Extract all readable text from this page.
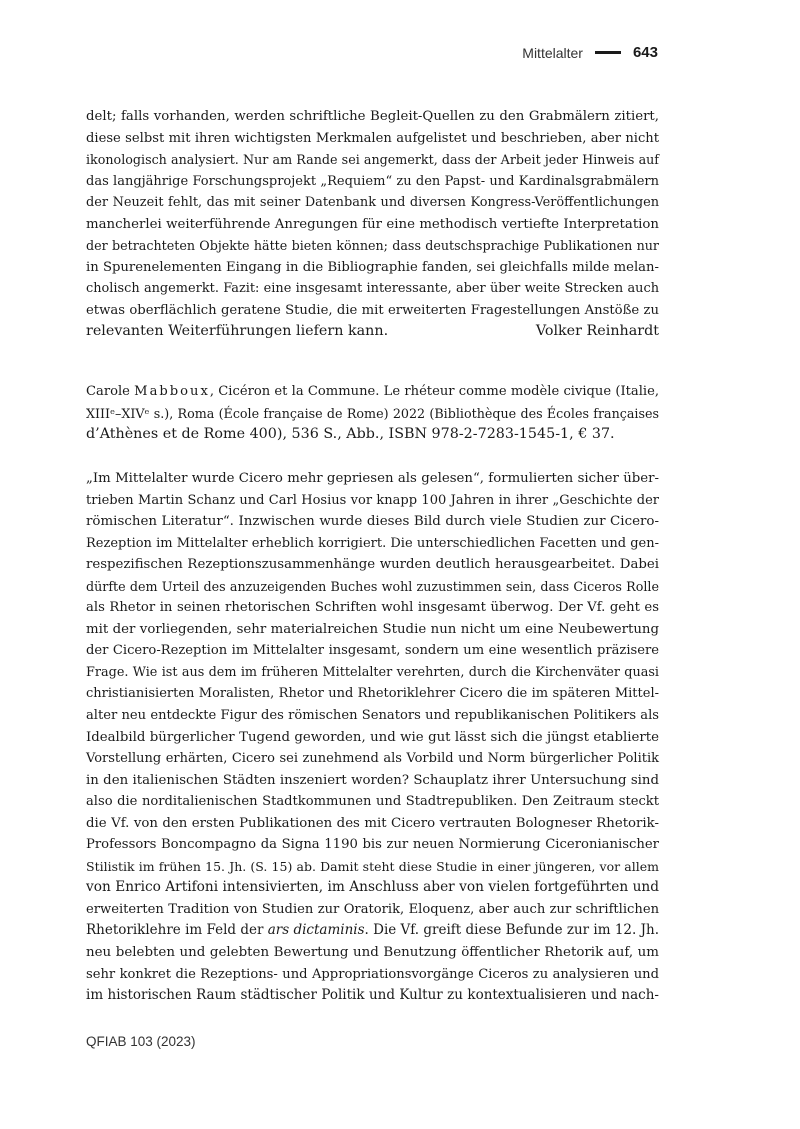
Mittelalter	643
delt; falls vorhanden, werden schriftliche Begleit-Quellen zu den Grabmälern zitiert,
diese selbst mit ihren wichtigsten Merkmalen aufgelistet und beschrieben, aber nicht
ikonologisch analysiert. Nur am Rande sei angemerkt, dass der Arbeit jeder Hinweis auf
das langjährige Forschungsprojekt „Requiem“ zu den Papst- und Kardinalsgrabmälern
der Neuzeit fehlt, das mit seiner Datenbank und diversen Kongress-Veröffentlichungen
mancherlei weiterführende Anregungen für eine methodisch vertiefte Interpretation
der betrachteten Objekte hätte bieten können; dass deutschsprachige Publikationen nur
in Spurenelementen Eingang in die Bibliographie fanden, sei gleichfalls milde melan-
cholisch angemerkt. Fazit: eine insgesamt interessante, aber über weite Strecken auch
etwas oberflächlich geratene Studie, die mit erweiterten Fragestellungen Anstöße zu
relevanten Weiterführungen liefern kann.	Volker Reinhardt
Carole Mabboux, Cicéron et la Commune. Le rhéteur comme modèle civique (Italie,
XIIIᵉ–XIVᵉ s.), Roma (École française de Rome) 2022 (Bibliothèque des Écoles françaises
d’Athènes et de Rome 400), 536 S., Abb., ISBN 978-2-7283-1545-1, € 37.
„Im Mittelalter wurde Cicero mehr gepriesen als gelesen“, formulierten sicher über-
trieben Martin Schanz und Carl Hosius vor knapp 100 Jahren in ihrer „Geschichte der
römischen Literatur“. Inzwischen wurde dieses Bild durch viele Studien zur Cicero-
Rezeption im Mittelalter erheblich korrigiert. Die unterschiedlichen Facetten und gen-
respezifischen Rezeptionszusammenhänge wurden deutlich herausgearbeitet. Dabei
dürfte dem Urteil des anzuzeigenden Buches wohl zuzustimmen sein, dass Ciceros Rolle
als Rhetor in seinen rhetorischen Schriften wohl insgesamt überwog. Der Vf. geht es
mit der vorliegenden, sehr materialreichen Studie nun nicht um eine Neubewertung
der Cicero-Rezeption im Mittelalter insgesamt, sondern um eine wesentlich präzisere
Frage. Wie ist aus dem im früheren Mittelalter verehrten, durch die Kirchenväter quasi
christianisierten Moralisten, Rhetor und Rhetoriklehrer Cicero die im späteren Mittel-
alter neu entdeckte Figur des römischen Senators und republikanischen Politikers als
Idealbild bürgerlicher Tugend geworden, und wie gut lässt sich die jüngst etablierte
Vorstellung erhärten, Cicero sei zunehmend als Vorbild und Norm bürgerlicher Politik
in den italienischen Städten inszeniert worden? Schauplatz ihrer Untersuchung sind
also die norditalienischen Stadtkommunen und Stadtrepubliken. Den Zeitraum steckt
die Vf. von den ersten Publikationen des mit Cicero vertrauten Bologneser Rhetorik-
Professors Boncompagno da Signa 1190 bis zur neuen Normierung Ciceronianischer
Stilistik im frühen 15. Jh. (S. 15) ab. Damit steht diese Studie in einer jüngeren, vor allem
von Enrico Artifoni intensivierten, im Anschluss aber von vielen fortgeführten und
erweiterten Tradition von Studien zur Oratorik, Eloquenz, aber auch zur schriftlichen
Rhetoriklehre im Feld der ars dictaminis. Die Vf. greift diese Befunde zur im 12. Jh.
neu belebten und gelebten Bewertung und Benutzung öffentlicher Rhetorik auf, um
sehr konkret die Rezeptions- und Appropriationsvorgänge Ciceros zu analysieren und
im historischen Raum städtischer Politik und Kultur zu kontextualisieren und nach-
QFIAB 103 (2023)
